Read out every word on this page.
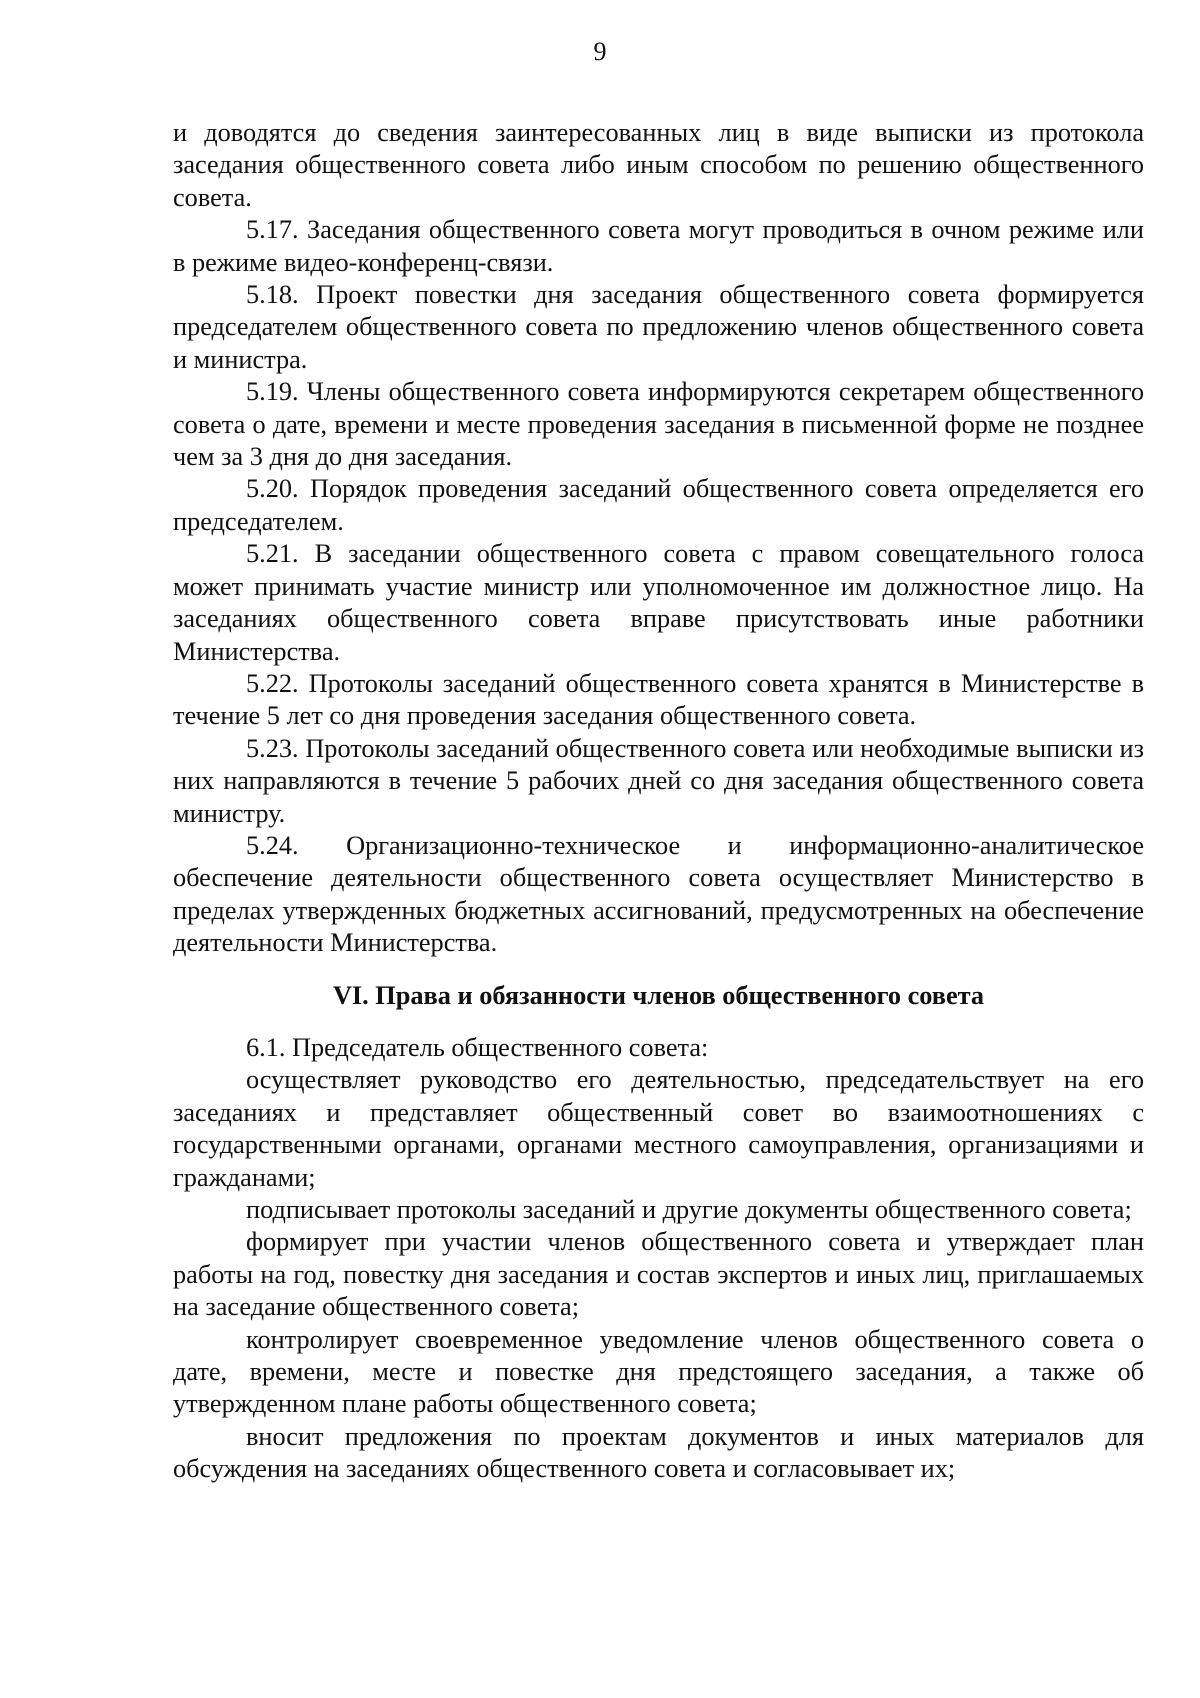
9

и доводятся до сведения заинтересованных лиц в виде выписки из протокола заседания общественного совета либо иным способом по решению общественного совета.

5.17. Заседания общественного совета могут проводиться в очном режиме или в режиме видео-конференц-связи.

5.18. Проект повестки дня заседания общественного совета формируется председателем общественного совета по предложению членов общественного совета и министра.

5.19. Члены общественного совета информируются секретарем общественного совета о дате, времени и месте проведения заседания в письменной форме не позднее чем за 3 дня до дня заседания.

5.20. Порядок проведения заседаний общественного совета определяется его председателем.

5.21. В заседании общественного совета с правом совещательного голоса может принимать участие министр или уполномоченное им должностное лицо. На заседаниях общественного совета вправе присутствовать иные работники Министерства.

5.22. Протоколы заседаний общественного совета хранятся в Министерстве в течение 5 лет со дня проведения заседания общественного совета.

5.23. Протоколы заседаний общественного совета или необходимые выписки из них направляются в течение 5 рабочих дней со дня заседания общественного совета министру.

5.24. Организационно-техническое и информационно-аналитическое обеспечение деятельности общественного совета осуществляет Министерство в пределах утвержденных бюджетных ассигнований, предусмотренных на обеспечение деятельности Министерства.

VI. Права и обязанности членов общественного совета

6.1. Председатель общественного совета:

осуществляет руководство его деятельностью, председательствует на его заседаниях и представляет общественный совет во взаимоотношениях с государственными органами, органами местного самоуправления, организациями и гражданами;

подписывает протоколы заседаний и другие документы общественного совета;

формирует при участии членов общественного совета и утверждает план работы на год, повестку дня заседания и состав экспертов и иных лиц, приглашаемых на заседание общественного совета;

контролирует своевременное уведомление членов общественного совета о дате, времени, месте и повестке дня предстоящего заседания, а также об утвержденном плане работы общественного совета;

вносит предложения по проектам документов и иных материалов для обсуждения на заседаниях общественного совета и согласовывает их;
